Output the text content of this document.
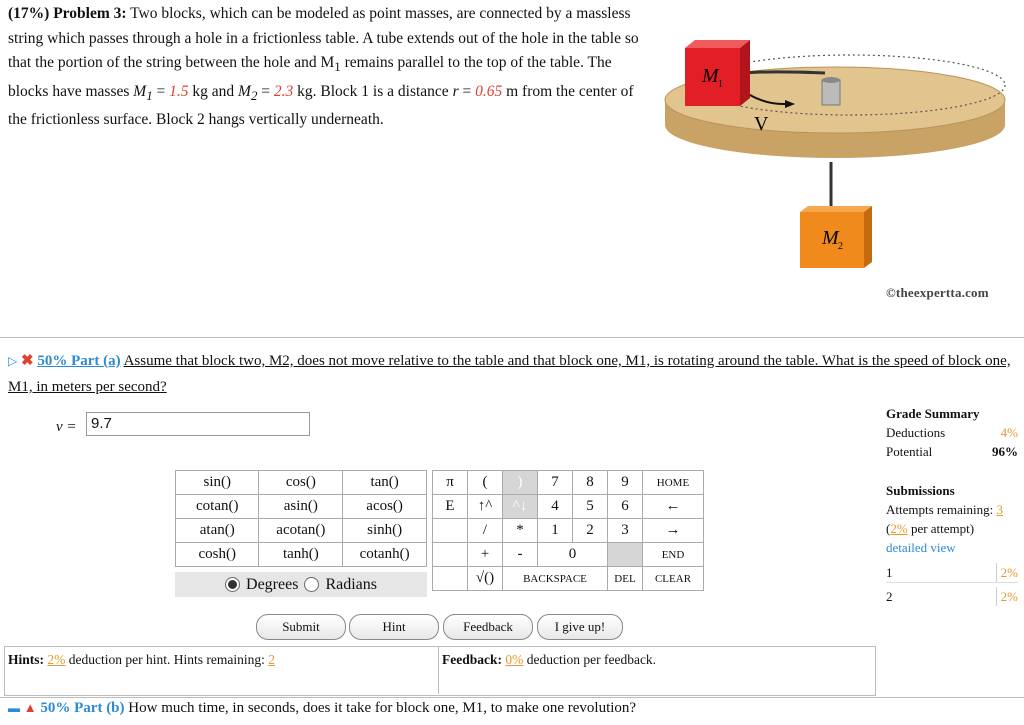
(17%) Problem 3: Two blocks, which can be modeled as point masses, are connected by a massless string which passes through a hole in a frictionless table. A tube extends out of the hole in the table so that the portion of the string between the hole and $M_1$ remains parallel to the top of the table. The blocks have masses $M_1 = 1.5$ kg and $M_2 = 2.3$ kg. Block 1 is a distance r = 0.65 m from the center of the frictionless surface. Block 2 hangs vertically underneath.	V
M 1
M 2
©theexpertta.com
▷ ✖ 50% Part (a) Assume that block two, M2, does not move relative to the table and that block one, M1, is rotating around the table. What is the speed of block one, M1, in meters per second?
v = 9.7
sin()	cos()	tan()
cotan()	asin()	acos()
atan()	acotan()	sinh()
cosh()	tanh()	cotanh()
Degrees Radians
π	(	)	7	8	9	HOME
E	↑^	^↓	4	5	6	←
	/	*	1	2	3	→
	+	-	0			END
	√()	BACKSPACE			DEL	CLEAR
Submit	Hint	Feedback	I give up!
Hints: 2% deduction per hint. Hints remaining: 2	Feedback: 0% deduction per feedback.
Grade Summary
Deductions	4%
Potential	96%
Submissions
Attempts remaining: 3
(2% per attempt)
detailed view
1	2%
2	2%
▬ ▲ 50% Part (b) How much time, in seconds, does it take for block one, M1, to make one revolution?
